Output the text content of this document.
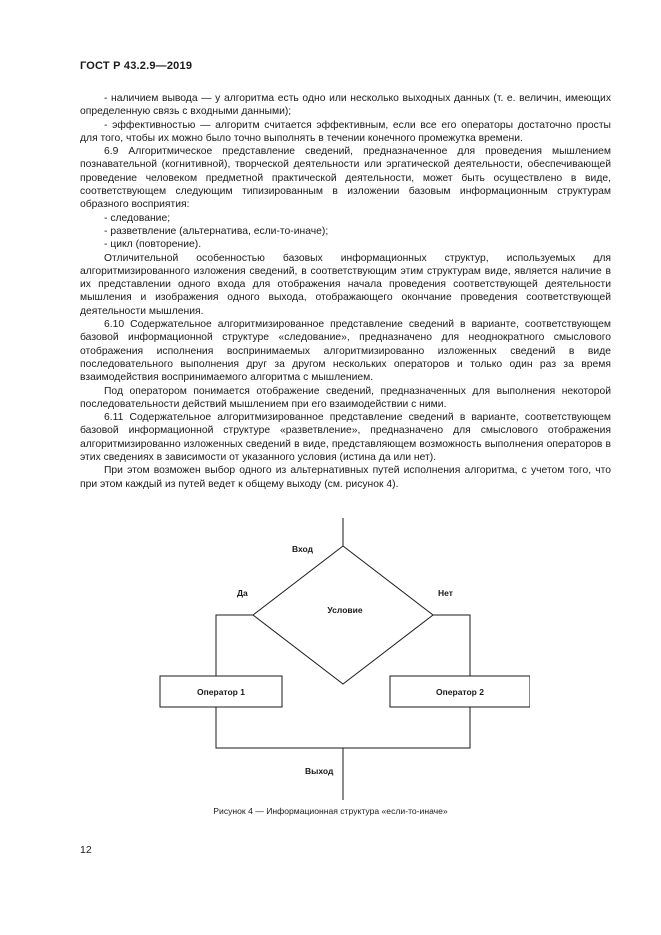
ГОСТ Р 43.2.9—2019

- наличием вывода — у алгоритма есть одно или несколько выходных данных (т. е. величин, имеющих определенную связь с входными данными);

- эффективностью — алгоритм считается эффективным, если все его операторы достаточно просты для того, чтобы их можно было точно выполнять в течении конечного промежутка времени.

6.9 Алгоритмическое представление сведений, предназначенное для проведения мышлением познавательной (когнитивной), творческой деятельности или эргатической деятельности, обеспечивающей проведение человеком предметной практической деятельности, может быть осуществлено в виде, соответствующем следующим типизированным в изложении базовым информационным структурам образного восприятия:

- следование;

- разветвление (альтернатива, если-то-иначе);

- цикл (повторение).

Отличительной особенностью базовых информационных структур, используемых для алгоритмизированного изложения сведений, в соответствующим этим структурам виде, является наличие в их представлении одного входа для отображения начала проведения соответствующей деятельности мышления и изображения одного выхода, отображающего окончание проведения соответствующей деятельности мышления.

6.10 Содержательное алгоритмизированное представление сведений в варианте, соответствующем базовой информационной структуре «следование», предназначено для неоднократного смыслового отображения исполнения воспринимаемых алгоритмизированно изложенных сведений в виде последовательного выполнения друг за другом нескольких операторов и только один раз за время взаимодействия воспринимаемого алгоритма с мышлением.

Под оператором понимается отображение сведений, предназначенных для выполнения некоторой последовательности действий мышлением при его взаимодействии с ними.

6.11 Содержательное алгоритмизированное представление сведений в варианте, соответствующем базовой информационной структуре «разветвление», предназначено для смыслового отображения алгоритмизированно изложенных сведений в виде, представляющем возможность выполнения операторов в этих сведениях в зависимости от указанного условия (истина да или нет).

При этом возможен выбор одного из альтернативных путей исполнения алгоритма, с учетом того, что при этом каждый из путей ведет к общему выходу (см. рисунок 4).

Вход
Условие
Да	Нет
Оператор 1	Оператор 2
Выход
Рисунок 4 — Информационная структура «если-то-иначе»
12
